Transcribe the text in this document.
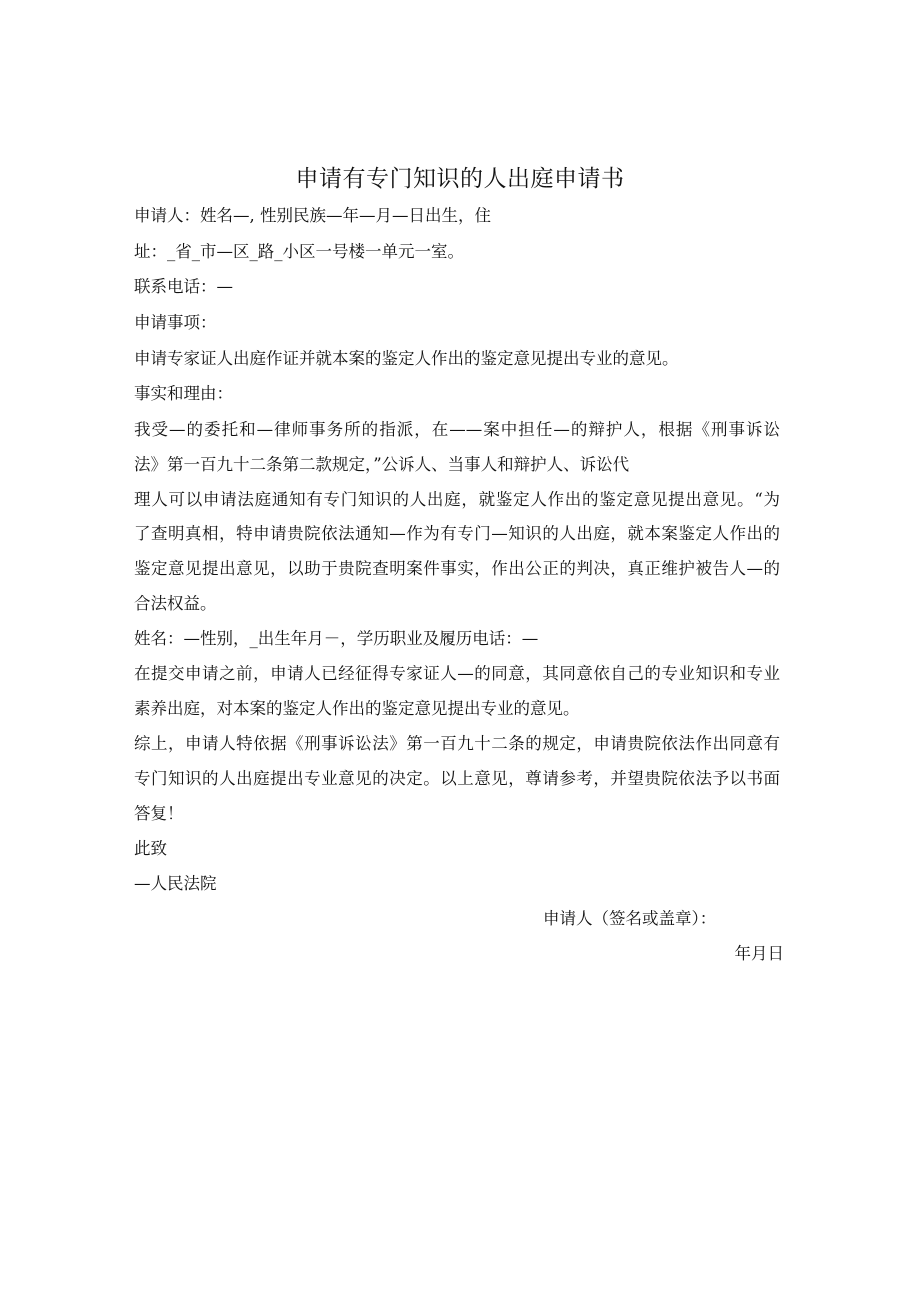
申请有专门知识的人出庭申请书
申请人：姓名—, 性别民族—年—月—日出生，住
址：_省_市—区_路_小区一号楼一单元一室。
联系电话：—
申请事项：
申请专家证人出庭作证并就本案的鉴定人作出的鉴定意见提出专业的意见。
事实和理由：
我受—的委托和—律师事务所的指派，在——案中担任—的辩护人，根据《刑事诉讼
法》第一百九十二条第二款规定，”公诉人、当事人和辩护人、诉讼代
理人可以申请法庭通知有专门知识的人出庭，就鉴定人作出的鉴定意见提出意见。“为
了查明真相，特申请贵院依法通知—作为有专门—知识的人出庭，就本案鉴定人作出的
鉴定意见提出意见，以助于贵院查明案件事实，作出公正的判决，真正维护被告人—的
合法权益。
姓名：—性别，_出生年月－，学历职业及履历电话：—
在提交申请之前，申请人已经征得专家证人—的同意，其同意依自己的专业知识和专业
素养出庭，对本案的鉴定人作出的鉴定意见提出专业的意见。
综上，申请人特依据《刑事诉讼法》第一百九十二条的规定，申请贵院依法作出同意有
专门知识的人出庭提出专业意见的决定。以上意见，尊请参考，并望贵院依法予以书面
答复！
此致
—人民法院
申请人（签名或盖章）：
年月日
